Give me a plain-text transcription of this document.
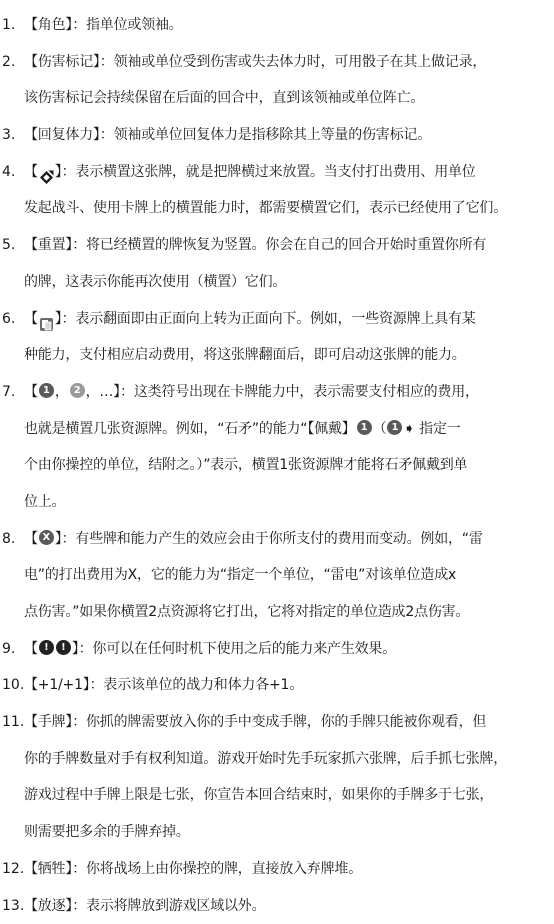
1. 【角色】：指单位或领袖。
2. 【伤害标记】：领袖或单位受到伤害或失去体力时，可用骰子在其上做记录，
该伤害标记会持续保留在后面的回合中，直到该领袖或单位阵亡。
3. 【回复体力】：领袖或单位回复体力是指移除其上等量的伤害标记。
4. 【 】：表示横置这张牌，就是把牌横过来放置。当支付打出费用、用单位
发起战斗、使用卡牌上的横置能力时，都需要横置它们，表示已经使用了它们。
5. 【重置】：将已经横置的牌恢复为竖置。你会在自己的回合开始时重置你所有
的牌，这表示你能再次使用（横置）它们。
6. 【 】：表示翻面即由正面向上转为正面向下。例如，一些资源牌上具有某
种能力，支付相应启动费用，将这张牌翻面后，即可启动这张牌的能力。
7. 【 1 ， 2 ，…】：这类符号出现在卡牌能力中，表示需要支付相应的费用，
也就是横置几张资源牌。例如，“石矛”的能力“【佩戴】 1 （ 1 ➧ 指定一
个由你操控的单位，结附之。）”表示，横置1张资源牌才能将石矛佩戴到单
位上。
8. 【 X 】：有些牌和能力产生的效应会由于你所支付的费用而变动。例如，“雷
电”的打出费用为X，它的能力为“指定一个单位，“雷电”对该单位造成x
点伤害。”如果你横置2点资源将它打出，它将对指定的单位造成2点伤害。
9. 【 ! ! 】：你可以在任何时机下使用之后的能力来产生效果。
10. 【+1/+1】：表示该单位的战力和体力各+1。
11. 【手牌】：你抓的牌需要放入你的手中变成手牌，你的手牌只能被你观看，但
你的手牌数量对手有权利知道。游戏开始时先手玩家抓六张牌，后手抓七张牌，
游戏过程中手牌上限是七张，你宣告本回合结束时，如果你的手牌多于七张，
则需要把多余的手牌弃掉。
12. 【牺牲】：你将战场上由你操控的牌，直接放入弃牌堆。
13. 【放逐】：表示将牌放到游戏区域以外。
